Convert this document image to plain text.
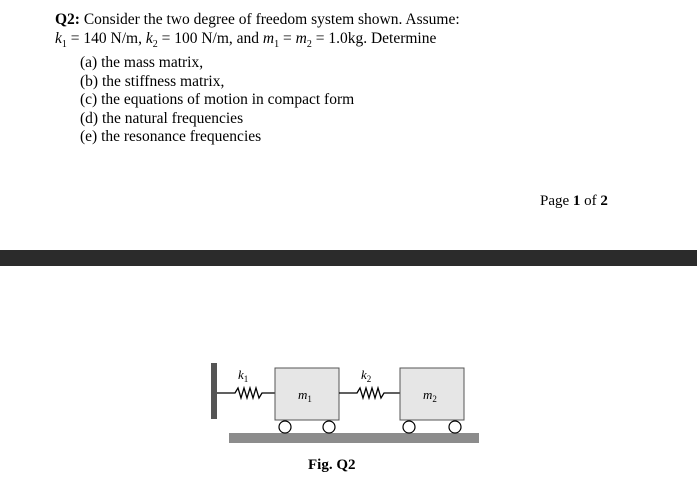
Q2: Consider the two degree of freedom system shown. Assume:
$k_1 = 140$ N/m, $k_2 = 100$ N/m, and $m_1 = m_2 = 1.0kg$. Determine
(a) the mass matrix,
(b) the stiffness matrix,
(c) the equations of motion in compact form
(d) the natural frequencies
(e) the resonance frequencies
Page 1 of 2
$k_1$
$m_1$
$k_2$
$m_2$
Fig. Q2
